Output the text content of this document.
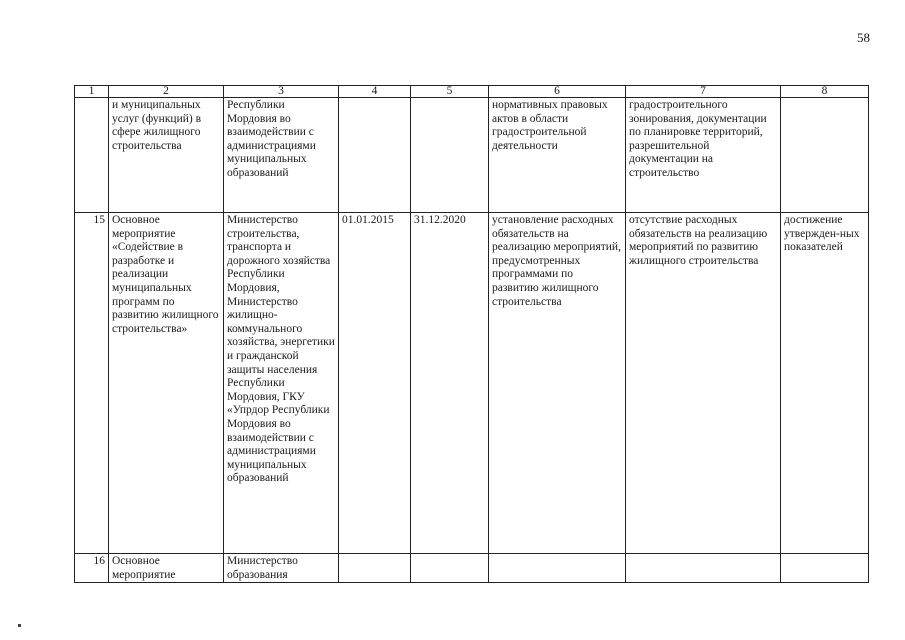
58
1	2	3	4	5	6	7	8
	и муниципальных услуг (функций) в сфере жилищного строительства	Республики Мордовия во взаимодействии с администрациями муниципальных образований			нормативных правовых актов в области градостроительной деятельности	градостроительного зонирования, документации по планировке территорий, разрешительной документации на строительство	
15	Основное мероприятие «Содействие в разработке и реализации муниципальных программ по развитию жилищного строительства»	Министерство строительства, транспорта и дорожного хозяйства Республики Мордовия, Министерство жилищно-коммунального хозяйства, энергетики и гражданской защиты населения Республики Мордовия, ГКУ «Упрдор Республики Мордовия во взаимодействии с администрациями муниципальных образований	01.01.2015	31.12.2020	установление расходных обязательств на реализацию мероприятий, предусмотренных программами по развитию жилищного строительства	отсутствие расходных обязательств на реализацию мероприятий по развитию жилищного строительства	достижение утвержден-ных показателей
16	Основное мероприятие	Министерство образования					
